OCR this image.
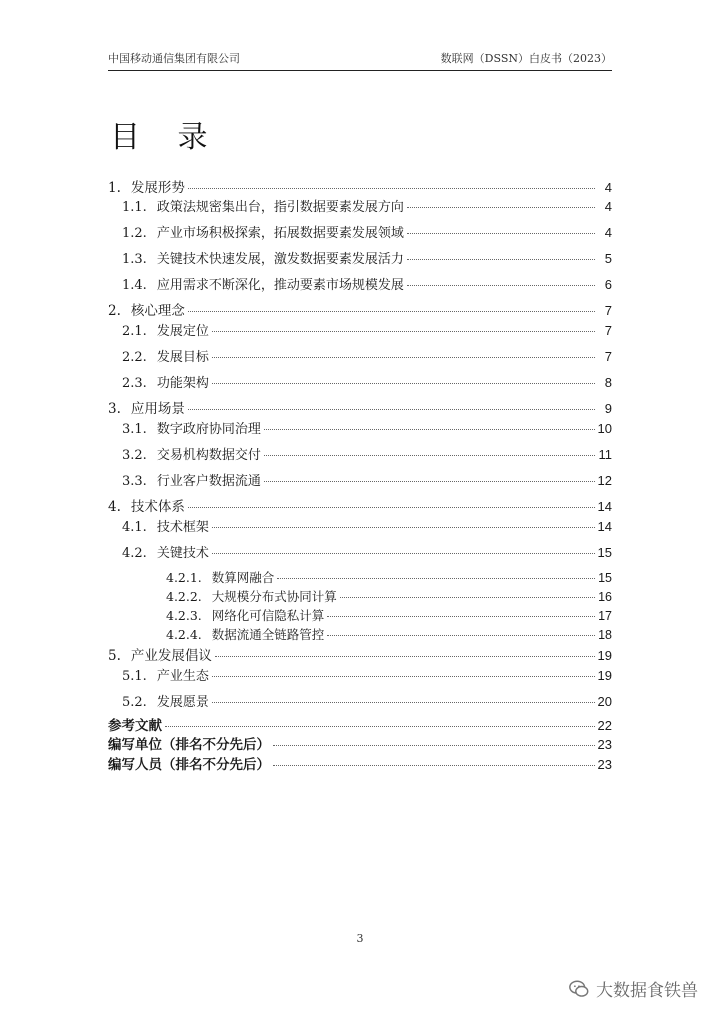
中国移动通信集团有限公司	数联网（DSSN）白皮书（2023）
目 录
1. 发展形势	4
1.1. 政策法规密集出台，指引数据要素发展方向	4
1.2. 产业市场积极探索，拓展数据要素发展领域	4
1.3. 关键技术快速发展，激发数据要素发展活力	5
1.4. 应用需求不断深化，推动要素市场规模发展	6
2. 核心理念	7
2.1. 发展定位	7
2.2. 发展目标	7
2.3. 功能架构	8
3. 应用场景	9
3.1. 数字政府协同治理	10
3.2. 交易机构数据交付	11
3.3. 行业客户数据流通	12
4. 技术体系	14
4.1. 技术框架	14
4.2. 关键技术	15
4.2.1. 数算网融合	15
4.2.2. 大规模分布式协同计算	16
4.2.3. 网络化可信隐私计算	17
4.2.4. 数据流通全链路管控	18
5. 产业发展倡议	19
5.1. 产业生态	19
5.2. 发展愿景	20
参考文献	22
编写单位（排名不分先后）	23
编写人员（排名不分先后）	23
3
大数据食铁兽
